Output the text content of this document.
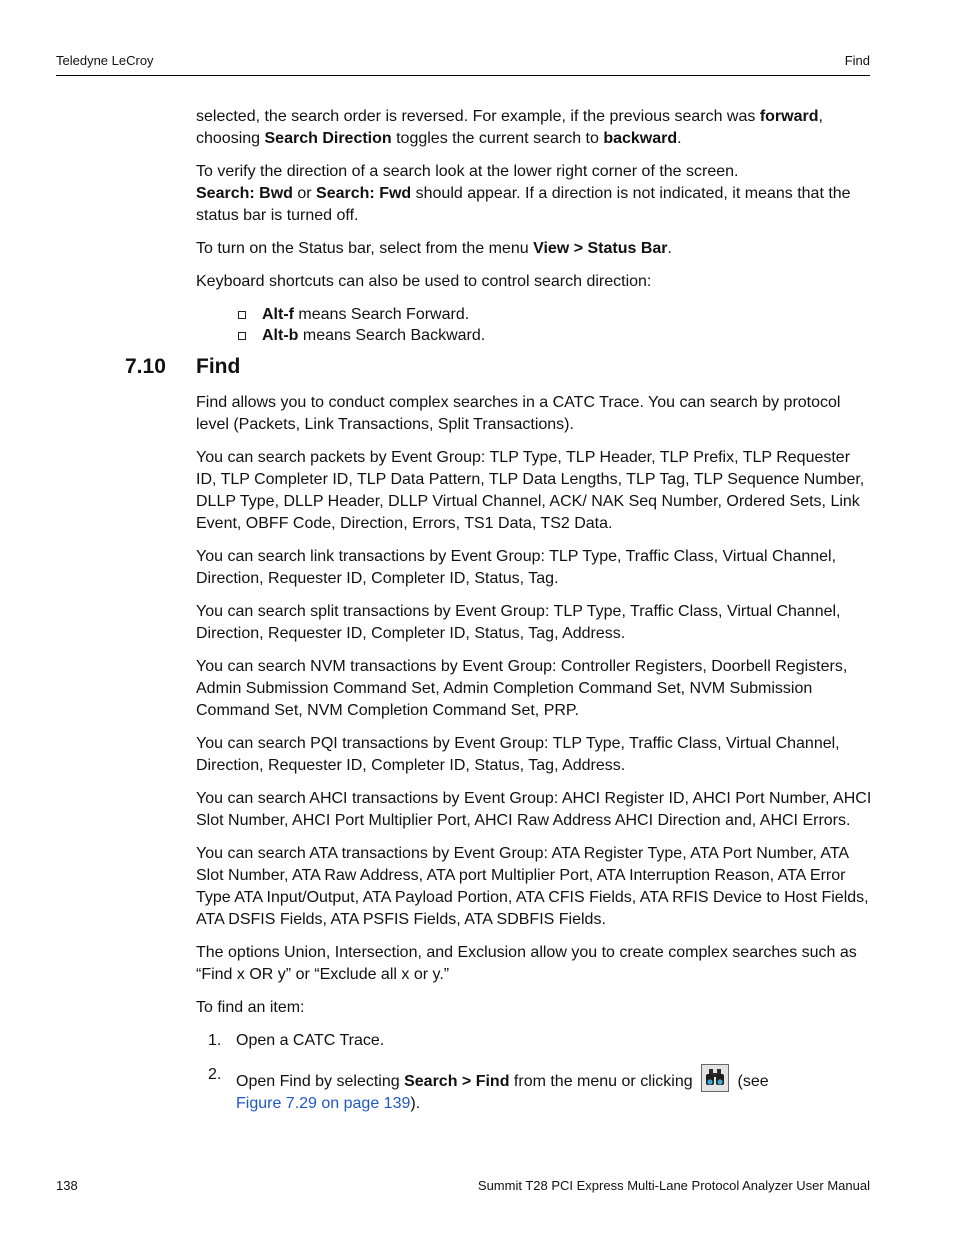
Teledyne LeCroy	Find

selected, the search order is reversed. For example, if the previous search was forward, choosing Search Direction toggles the current search to backward.

To verify the direction of a search look at the lower right corner of the screen.
Search: Bwd or Search: Fwd should appear. If a direction is not indicated, it means that the status bar is turned off.

To turn on the Status bar, select from the menu View > Status Bar.

Keyboard shortcuts can also be used to control search direction:

Alt-f means Search Forward.
Alt-b means Search Backward.
7.10 Find

Find allows you to conduct complex searches in a CATC Trace. You can search by protocol level (Packets, Link Transactions, Split Transactions).

You can search packets by Event Group: TLP Type, TLP Header, TLP Prefix, TLP Requester ID, TLP Completer ID, TLP Data Pattern, TLP Data Lengths, TLP Tag, TLP Sequence Number, DLLP Type, DLLP Header, DLLP Virtual Channel, ACK/ NAK Seq Number, Ordered Sets, Link Event, OBFF Code, Direction, Errors, TS1 Data, TS2 Data.

You can search link transactions by Event Group: TLP Type, Traffic Class, Virtual Channel, Direction, Requester ID, Completer ID, Status, Tag.

You can search split transactions by Event Group: TLP Type, Traffic Class, Virtual Channel, Direction, Requester ID, Completer ID, Status, Tag, Address.

You can search NVM transactions by Event Group: Controller Registers, Doorbell Registers, Admin Submission Command Set, Admin Completion Command Set, NVM Submission Command Set, NVM Completion Command Set, PRP.

You can search PQI transactions by Event Group: TLP Type, Traffic Class, Virtual Channel, Direction, Requester ID, Completer ID, Status, Tag, Address.

You can search AHCI transactions by Event Group: AHCI Register ID, AHCI Port Number, AHCI Slot Number, AHCI Port Multiplier Port, AHCI Raw Address AHCI Direction and, AHCI Errors.

You can search ATA transactions by Event Group: ATA Register Type, ATA Port Number, ATA Slot Number, ATA Raw Address, ATA port Multiplier Port, ATA Interruption Reason, ATA Error Type ATA Input/Output, ATA Payload Portion, ATA CFIS Fields, ATA RFIS Device to Host Fields, ATA DSFIS Fields, ATA PSFIS Fields, ATA SDBFIS Fields.

The options Union, Intersection, and Exclusion allow you to create complex searches such as “Find x OR y” or “Exclude all x or y.”

To find an item:

1. Open a CATC Trace.
2. Open Find by selecting Search > Find from the menu or clicking
(see
Figure 7.29 on page 139).
138	Summit T28 PCI Express Multi-Lane Protocol Analyzer User Manual
